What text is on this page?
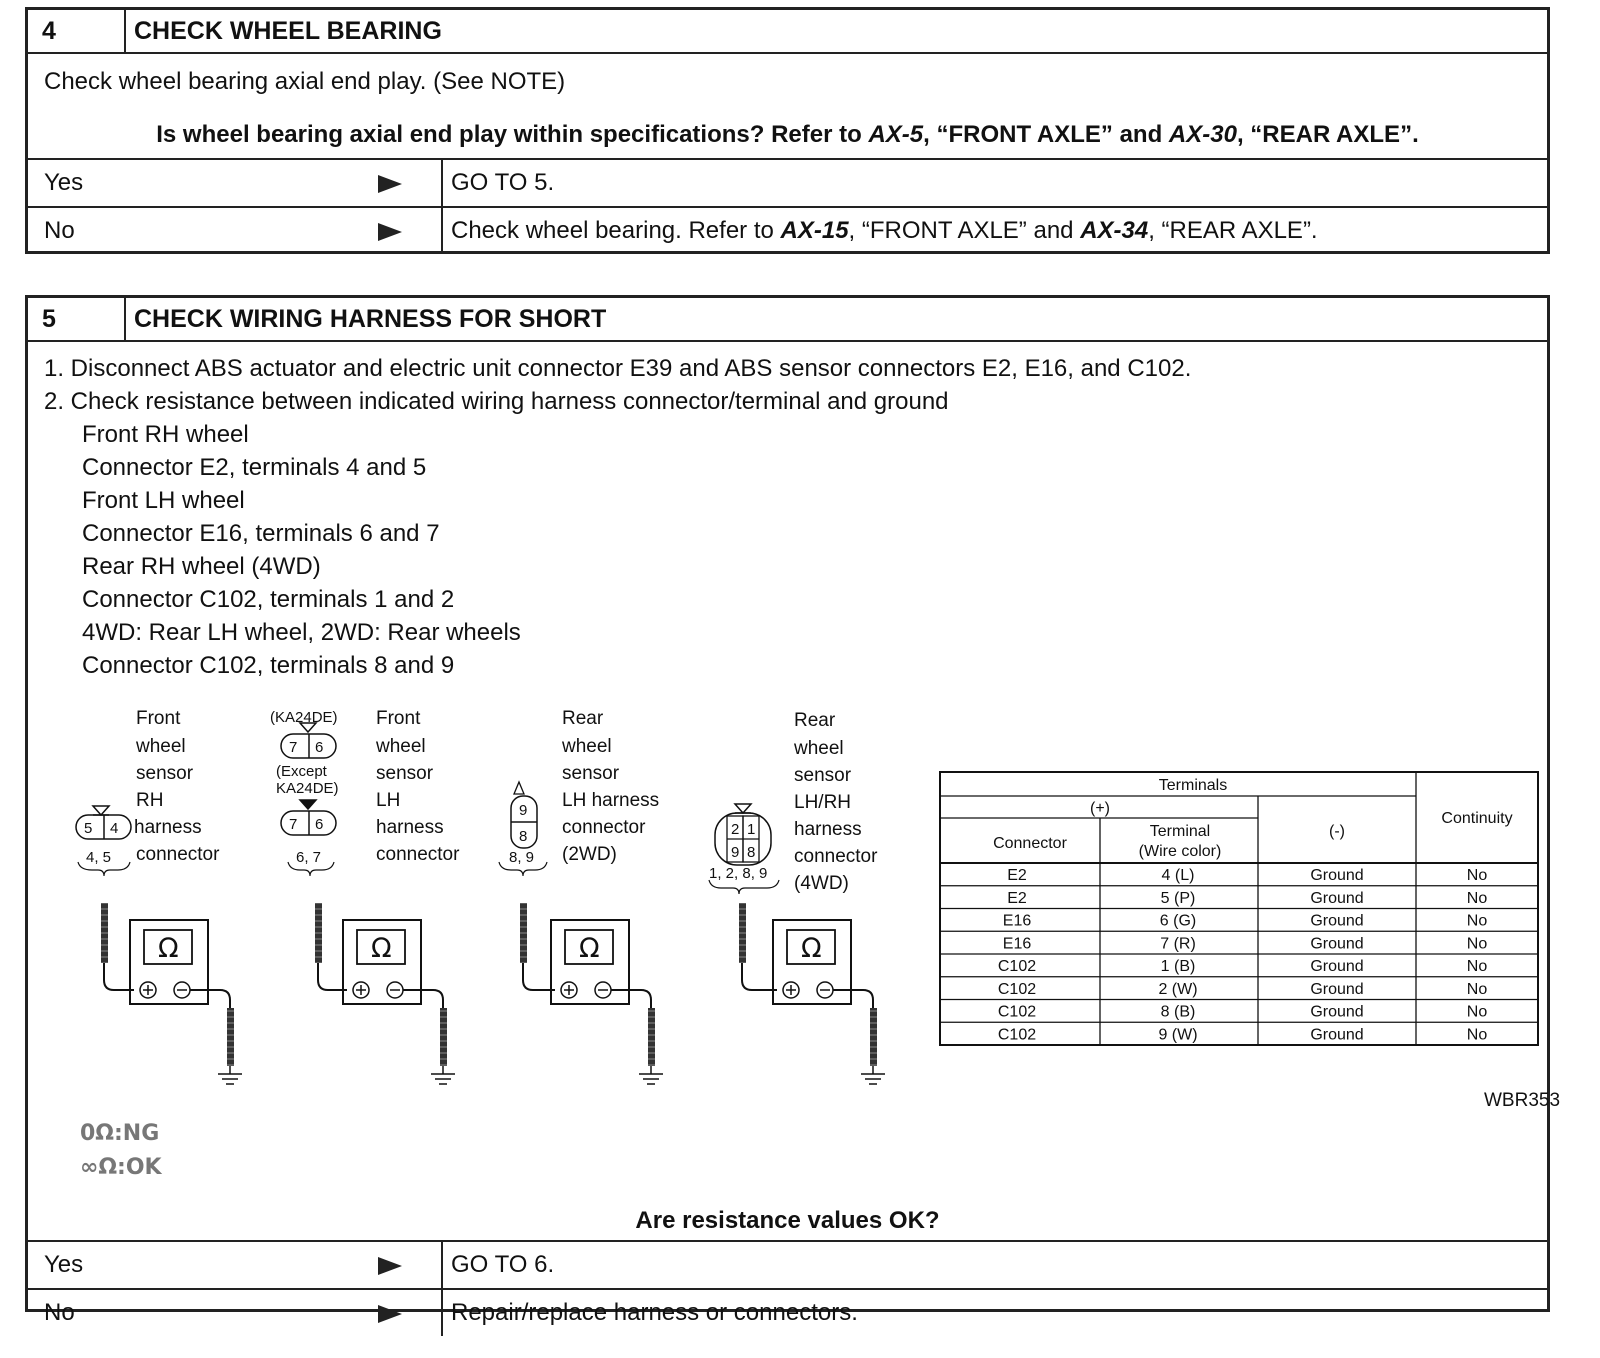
4	CHECK WHEEL BEARING
Check wheel bearing axial end play. (See NOTE)
Is wheel bearing axial end play within specifications? Refer to AX-5, “FRONT AXLE” and AX-30, “REAR AXLE”.
Yes	GO TO 5.
No	Check wheel bearing. Refer to AX-15, “FRONT AXLE” and AX-34, “REAR AXLE”.
5	CHECK WIRING HARNESS FOR SHORT
1. Disconnect ABS actuator and electric unit connector E39 and ABS sensor connectors E2, E16, and C102.
2. Check resistance between indicated wiring harness connector/terminal and ground
Front RH wheel
Connector E2, terminals 4 and 5
Front LH wheel
Connector E16, terminals 6 and 7
Rear RH wheel (4WD)
Connector C102, terminals 1 and 2
4WD: Rear LH wheel, 2WD: Rear wheels
Connector C102, terminals 8 and 9
Front
wheel
sensor
RH
harness
connector
5 4
4, 5
(KA24DE)
7 6
(Except
KA24DE)
7 6
6, 7
Front
wheel
sensor
LH
harness
connector
9
8
8, 9
Rear
wheel
sensor
LH harness
connector
(2WD)
2 1
9 8
1, 2, 8, 9
Rear
wheel
sensor
LH/RH
harness
connector
(4WD)
Ω	Ω	Ω	Ω
Terminals
(+)
Connector
Terminal
(Wire color)
(-)
Continuity
E2	4 (L)	Ground	No
E2	5 (P)	Ground	No
E16	6 (G)	Ground	No
E16	7 (R)	Ground	No
C102	1 (B)	Ground	No
C102	2 (W)	Ground	No
C102	8 (B)	Ground	No
C102	9 (W)	Ground	No
WBR353
0Ω:NG
∞Ω:OK
Are resistance values OK?
Yes	GO TO 6.
No	Repair/replace harness or connectors.
